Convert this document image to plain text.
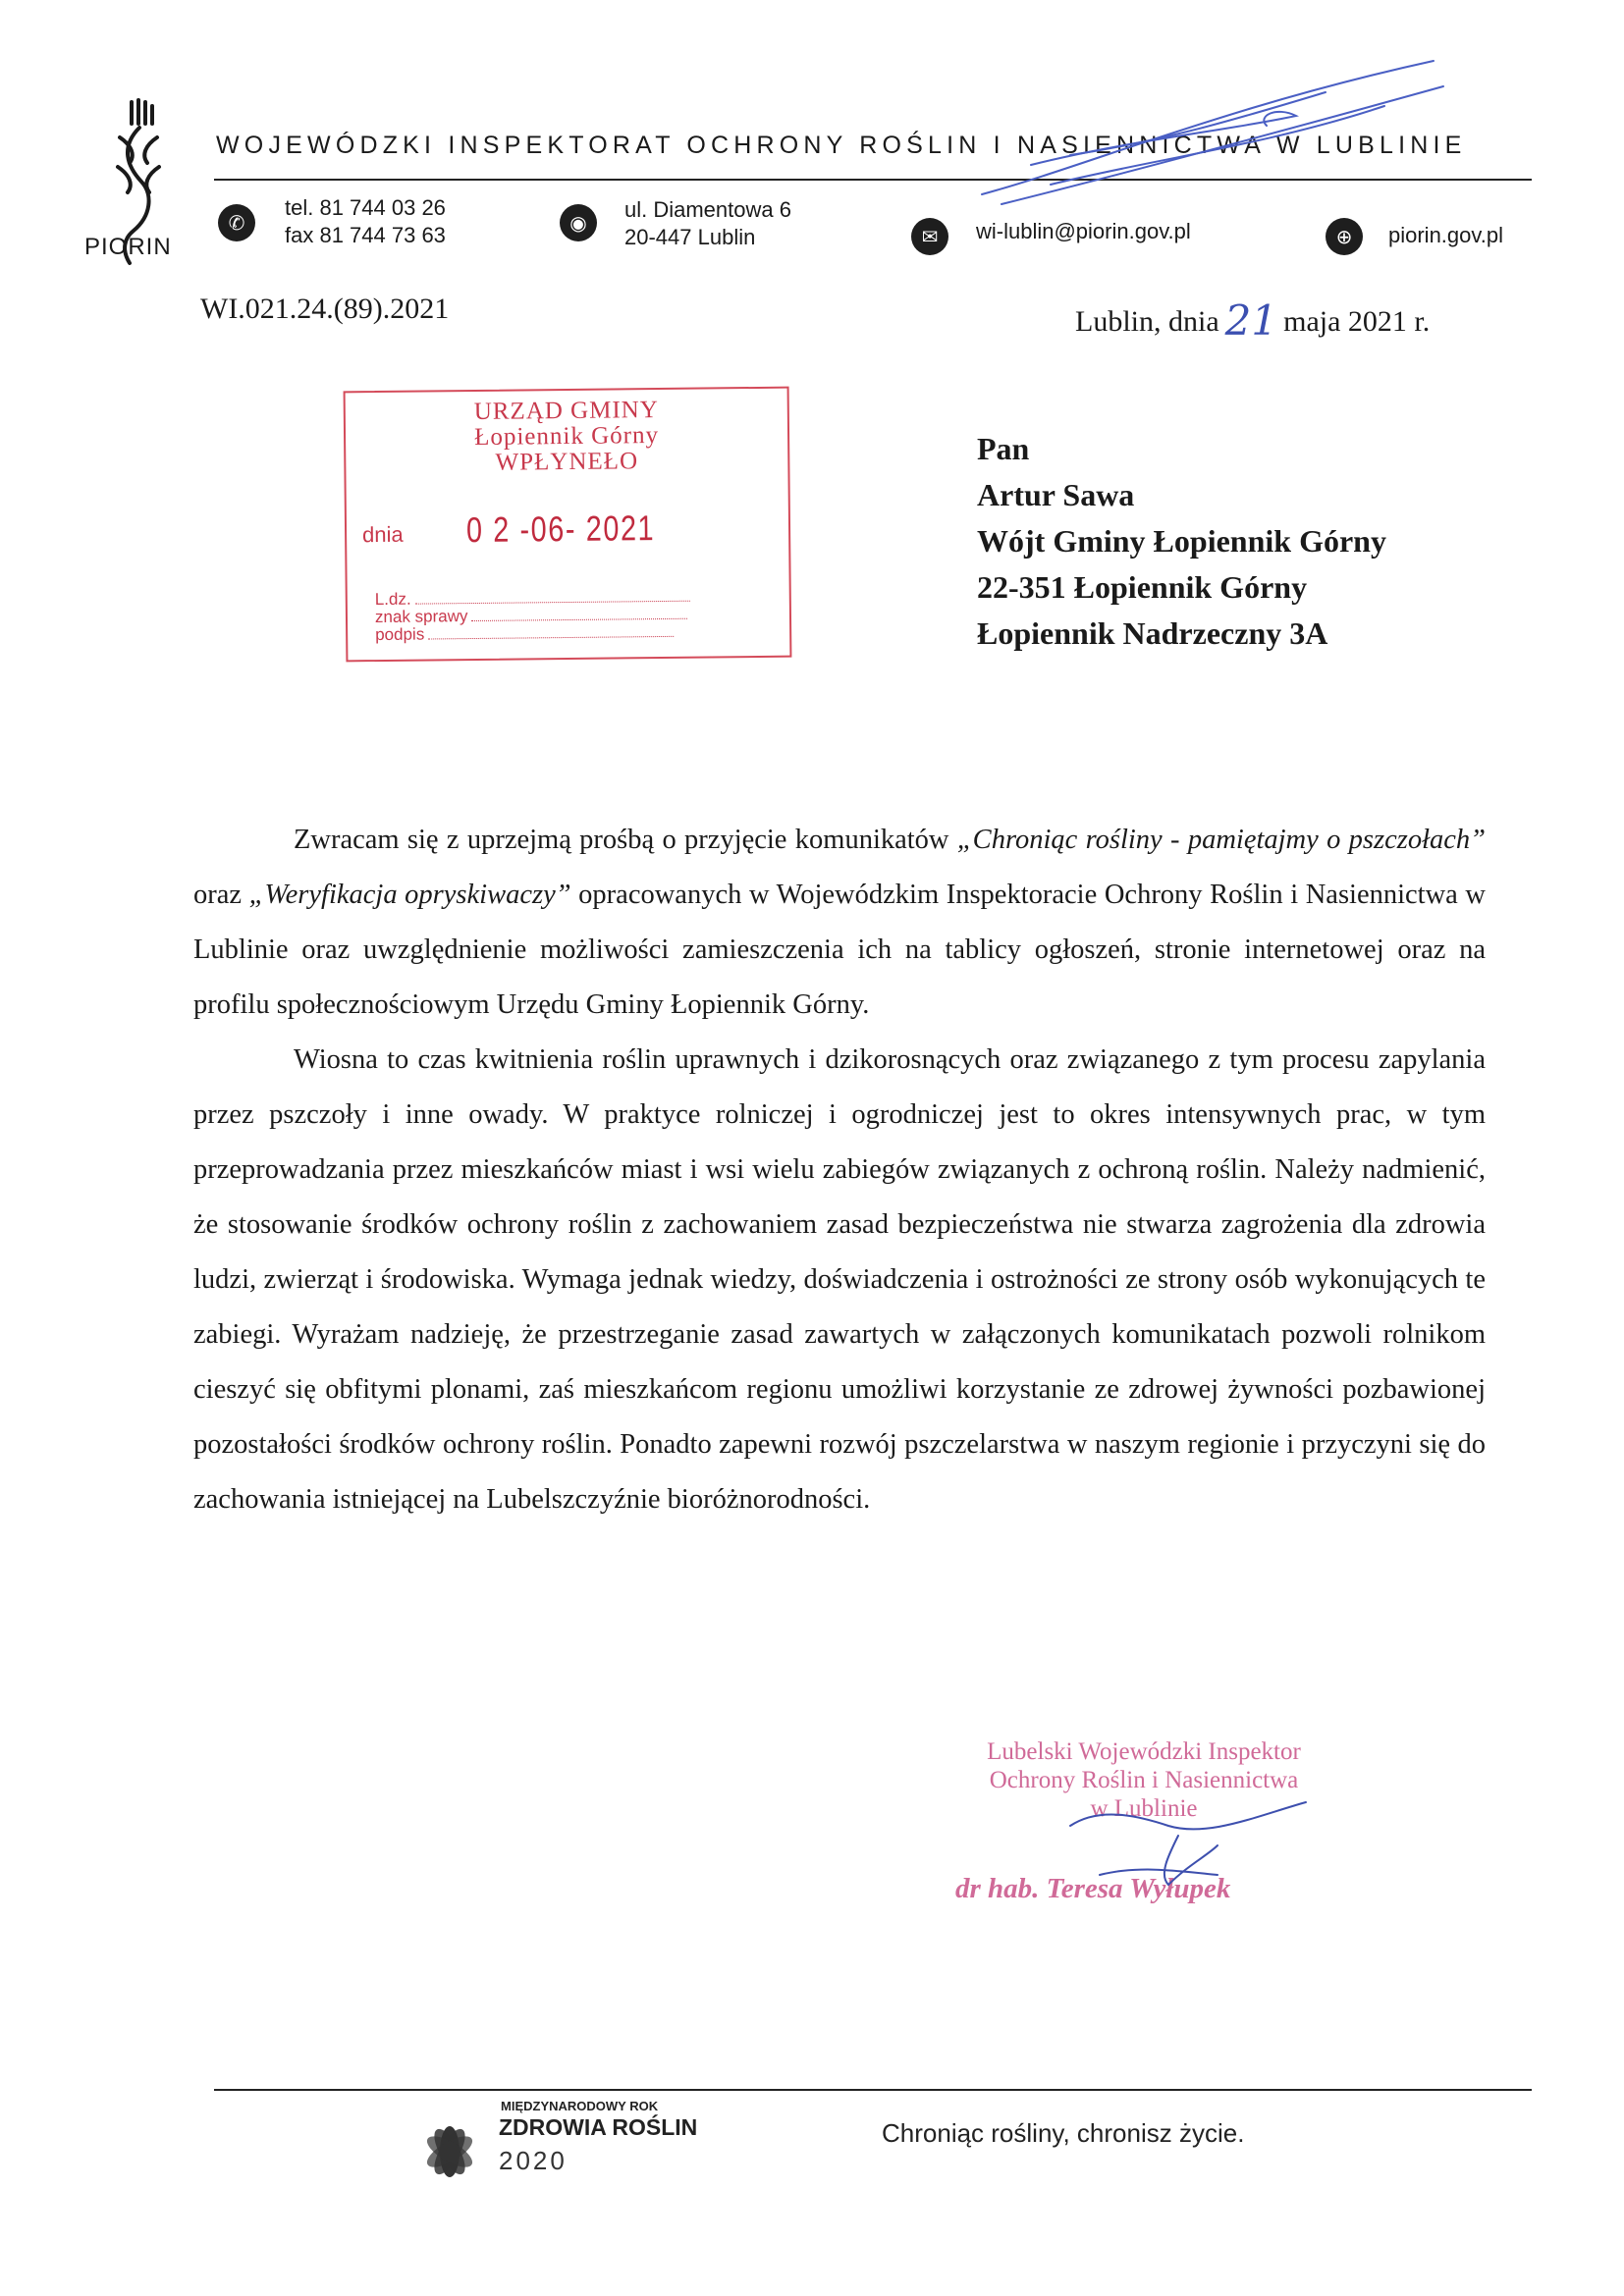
PIORIN
WOJEWÓDZKI INSPEKTORAT OCHRONY ROŚLIN I NASIENNICTWA W LUBLINIE
✆
tel. 81 744 03 26
fax 81 744 73 63	◉
ul. Diamentowa 6
20-447 Lublin	✉	wi-lublin@piorin.gov.pl	⊕	piorin.gov.pl
WI.021.24.(89).2021	Lublin, dnia 21 maja 2021 r.
URZĄD GMINY
Łopiennik Górny
WPŁYNEŁO
dnia 0 2 -06- 2021
L.dz.
znak sprawy
podpis
Pan
Artur Sawa
Wójt Gminy Łopiennik Górny
22-351 Łopiennik Górny
Łopiennik Nadrzeczny 3A

Zwracam się z uprzejmą prośbą o przyjęcie komunikatów „Chroniąc rośliny - pamiętajmy o pszczołach” oraz „Weryfikacja opryskiwaczy” opracowanych w Wojewódzkim Inspektoracie Ochrony Roślin i Nasiennictwa w Lublinie oraz uwzględnienie możliwości zamieszczenia ich na tablicy ogłoszeń, stronie internetowej oraz na profilu społecznościowym Urzędu Gminy Łopiennik Górny.

Wiosna to czas kwitnienia roślin uprawnych i dzikorosnących oraz związanego z tym procesu zapylania przez pszczoły i inne owady. W praktyce rolniczej i ogrodniczej jest to okres intensywnych prac, w tym przeprowadzania przez mieszkańców miast i wsi wielu zabiegów związanych z ochroną roślin. Należy nadmienić, że stosowanie środków ochrony roślin z zachowaniem zasad bezpieczeństwa nie stwarza zagrożenia dla zdrowia ludzi, zwierząt i środowiska. Wymaga jednak wiedzy, doświadczenia i ostrożności ze strony osób wykonujących te zabiegi. Wyrażam nadzieję, że przestrzeganie zasad zawartych w załączonych komunikatach pozwoli rolnikom cieszyć się obfitymi plonami, zaś mieszkańcom regionu umożliwi korzystanie ze zdrowej żywności pozbawionej pozostałości środków ochrony roślin. Ponadto zapewni rozwój pszczelarstwa w naszym regionie i przyczyni się do zachowania istniejącej na Lubelszczyźnie bioróżnorodności.

Lubelski Wojewódzki Inspektor
Ochrony Roślin i Nasiennictwa
w Lublinie
dr hab. Teresa Wyłupek
MIĘDZYNARODOWY ROK
ZDROWIA ROŚLIN
2020
Chroniąc rośliny, chronisz życie.
